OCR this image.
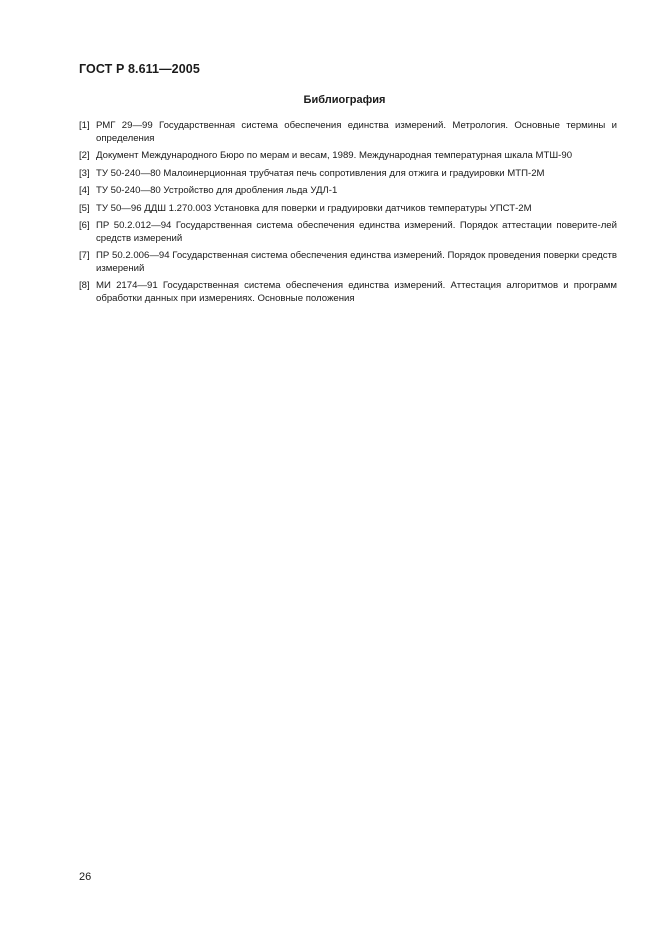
ГОСТ Р 8.611—2005
Библиография
[1] РМГ 29—99 Государственная система обеспечения единства измерений. Метрология. Основные термины и определения
[2] Документ Международного Бюро по мерам и весам, 1989. Международная температурная шкала МТШ-90
[3] ТУ 50-240—80 Малоинерционная трубчатая печь сопротивления для отжига и градуировки МТП-2М
[4] ТУ 50-240—80 Устройство для дробления льда УДЛ-1
[5] ТУ 50—96 ДДШ 1.270.003 Установка для поверки и градуировки датчиков температуры УПСТ-2М
[6] ПР 50.2.012—94 Государственная система обеспечения единства измерений. Порядок аттестации поверите-лей средств измерений
[7] ПР 50.2.006—94 Государственная система обеспечения единства измерений. Порядок проведения поверки средств измерений
[8] МИ 2174—91 Государственная система обеспечения единства измерений. Аттестация алгоритмов и программ обработки данных при измерениях. Основные положения
26
